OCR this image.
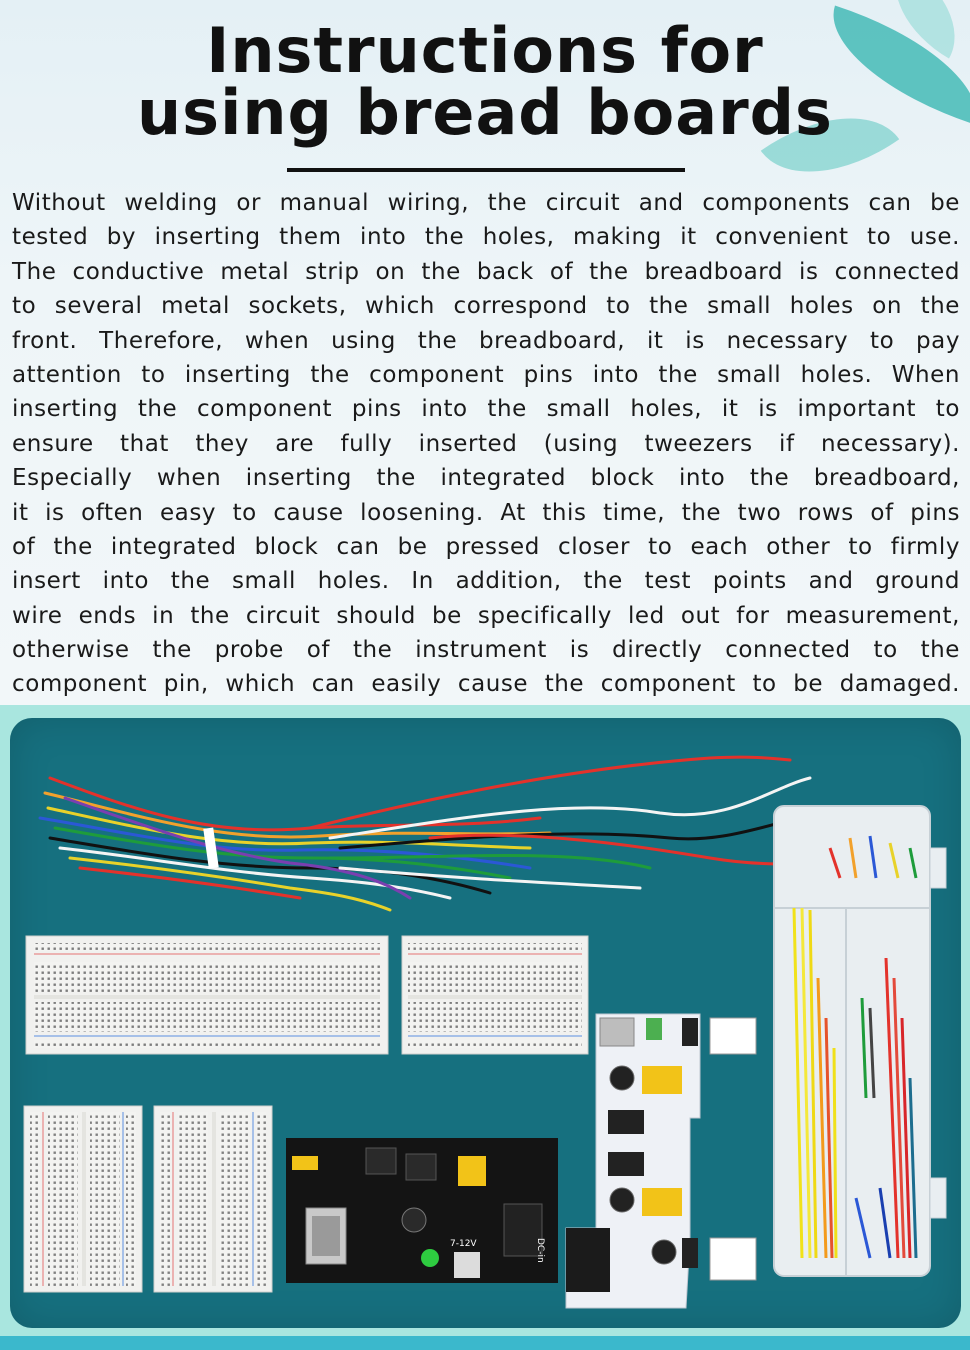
Instructions for
using bread boards
Without welding or manual wiring, the circuit and components can be
tested by inserting them into the holes, making it convenient to use.
The conductive metal strip on the back of the breadboard is connected
to several metal sockets, which correspond to the small holes on the
front. Therefore, when using the breadboard, it is necessary to pay
attention to inserting the component pins into the small holes. When
inserting the component pins into the small holes, it is important to
ensure that they are fully inserted (using tweezers if necessary).
Especially when inserting the integrated block into the breadboard,
it is often easy to cause loosening. At this time, the two rows of pins
of the integrated block can be pressed closer to each other to firmly
insert into the small holes. In addition, the test points and ground
wire ends in the circuit should be specifically led out for measurement,
otherwise the probe of the instrument is directly connected to the
component pin, which can easily cause the component to be damaged.
7-12V	DC-in
